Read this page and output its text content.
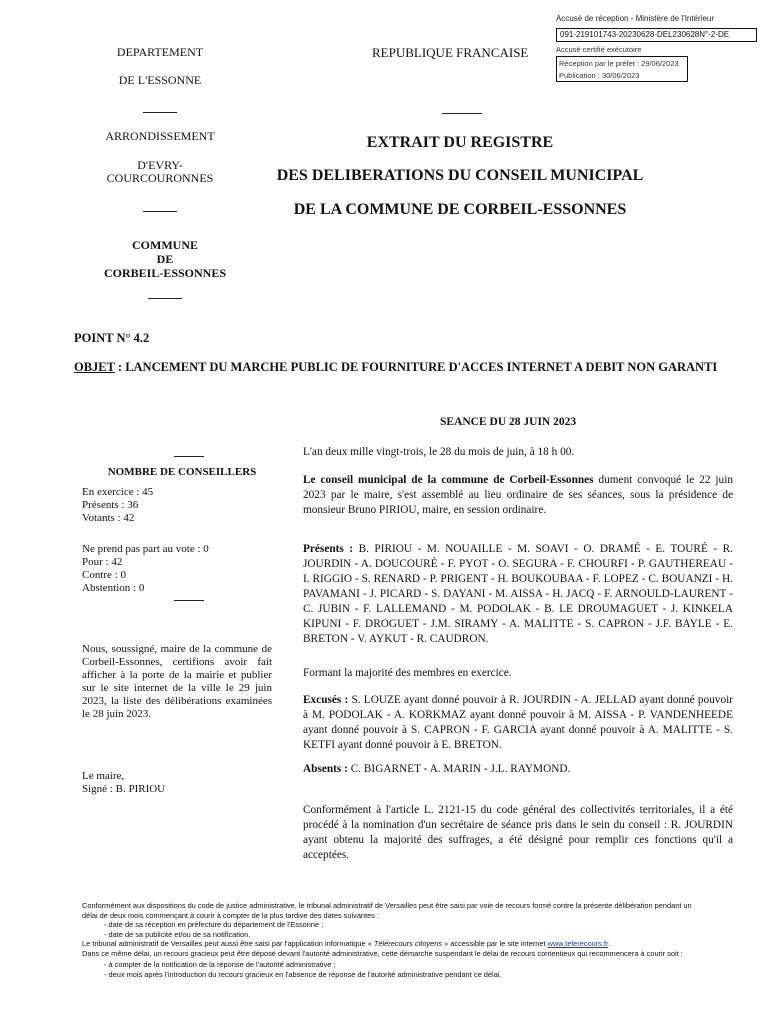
Accusé de réception - Ministère de l'Intérieur
091-219101743-20230628-DEL230628N°-2-DE
Accusé certifié exécutoire
Réception par le préfet : 29/06/2023
Publication : 30/06/2023
DEPARTEMENT
DE L'ESSONNE
ARRONDISSEMENT
D'EVRY-
COURCOURONNES
COMMUNE
DE
CORBEIL-ESSONNES
REPUBLIQUE FRANCAISE
EXTRAIT DU REGISTRE
DES DELIBERATIONS DU CONSEIL MUNICIPAL
DE LA COMMUNE DE CORBEIL-ESSONNES
POINT N° 4.2
OBJET : LANCEMENT DU MARCHE PUBLIC DE FOURNITURE D'ACCES INTERNET A DEBIT NON GARANTI
SEANCE DU 28 JUIN 2023
NOMBRE DE CONSEILLERS
En exercice : 45
Présents : 36
Votants : 42
Ne prend pas part au vote : 0
Pour : 42
Contre : 0
Abstention : 0
Nous, soussigné, maire de la commune de Corbeil-Essonnes, certifions avoir fait afficher à la porte de la mairie et publier sur le site internet de la ville le 29 juin 2023, la liste des délibérations examinées le 28 juin 2023.
Le maire,
Signé : B. PIRIOU
L'an deux mille vingt-trois, le 28 du mois de juin, à 18 h 00.
Le conseil municipal de la commune de Corbeil-Essonnes dument convoqué le 22 juin 2023 par le maire, s'est assemblé au lieu ordinaire de ses séances, sous la présidence de monsieur Bruno PIRIOU, maire, en session ordinaire.
Présents : B. PIRIOU - M. NOUAILLE - M. SOAVI - O. DRAMÉ - E. TOURÉ - R. JOURDIN - A. DOUCOURÉ - F. PYOT - O. SEGURA - F. CHOURFI - P. GAUTHEREAU - I. RIGGIO - S. RENARD - P. PRIGENT - H. BOUKOUBAA - F. LOPEZ - C. BOUANZI - H. PAVAMANI - J. PICARD - S. DAYANI - M. AISSA - H. JACQ - F. ARNOULD-LAURENT - C. JUBIN - F. LALLEMAND - M. PODOLAK - B. LE DROUMAGUET - J. KINKELA KIPUNI - F. DROGUET - J.M. SIRAMY - A. MALITTE - S. CAPRON - J.F. BAYLE - E. BRETON - V. AYKUT - R. CAUDRON.
Formant la majorité des membres en exercice.
Excusés : S. LOUZE ayant donné pouvoir à R. JOURDIN - A. JELLAD ayant donné pouvoir à M. PODOLAK - A. KORKMAZ ayant donné pouvoir à M. AISSA - P. VANDENHEEDE ayant donné pouvoir à S. CAPRON - F. GARCIA ayant donné pouvoir à A. MALITTE - S. KETFI ayant donné pouvoir à E. BRETON.
Absents : C. BIGARNET - A. MARIN - J.L. RAYMOND.
Conformément à l'article L. 2121-15 du code général des collectivités territoriales, il a été procédé à la nomination d'un secrétaire de séance pris dans le sein du conseil : R. JOURDIN ayant obtenu la majorité des suffrages, a été désigné pour remplir ces fonctions qu'il a acceptées.
Conformément aux dispositions du code de justice administrative, le tribunal administratif de Versailles peut être saisi par voie de recours formé contre la présente délibération pendant un délai de deux mois commençant à courir à compter de la plus tardive des dates suivantes :
- date de sa réception en préfecture du département de l'Essonne ;
- date de sa publicité et/ou de sa notification.
Le tribunal administratif de Versailles peut aussi être saisi par l'application informatique « Télérecours citoyens » accessible par le site internet www.telerecours.fr.
Dans ce même délai, un recours gracieux peut être déposé devant l'autorité administrative, cette démarche suspendant le délai de recours contentieux qui recommencera à courir soit :
- à compter de la notification de la réponse de l'autorité administrative ;
- deux mois après l'introduction du recours gracieux en l'absence de réponse de l'autorité administrative pendant ce délai.
